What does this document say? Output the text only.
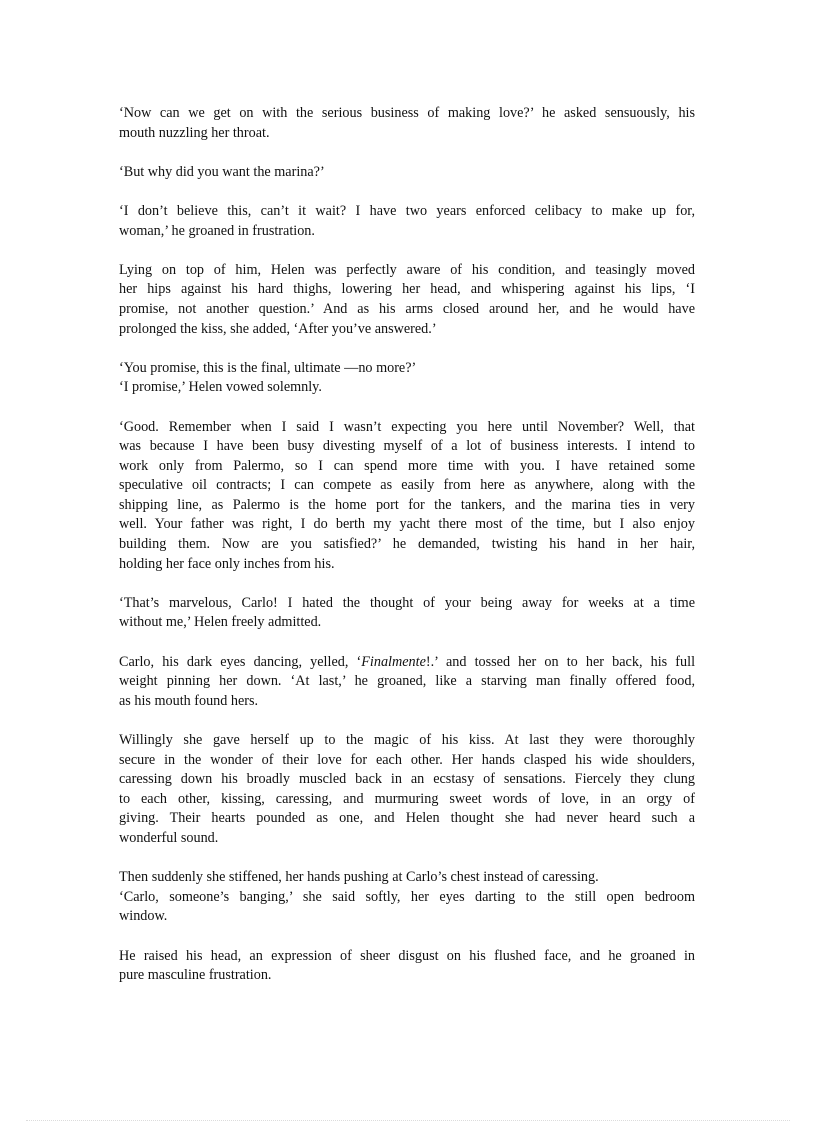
‘Now can we get on with the serious business of making love?’ he asked sensuously, his
mouth nuzzling her throat.

‘But why did you want the marina?’

‘I don’t believe this, can’t it wait? I have two years enforced celibacy to make up for,
woman,’ he groaned in frustration.

Lying on top of him, Helen was perfectly aware of his condition, and teasingly moved
her hips against his hard thighs, lowering her head, and whispering against his lips, ‘I
promise, not another question.’ And as his arms closed around her, and he would have
prolonged the kiss, she added, ‘After you’ve answered.’

‘You promise, this is the final, ultimate —no more?’

‘I promise,’ Helen vowed solemnly.

‘Good. Remember when I said I wasn’t expecting you here until November? Well, that
was because I have been busy divesting myself of a lot of business interests. I intend to
work only from Palermo, so I can spend more time with you. I have retained some
speculative oil contracts; I can compete as easily from here as anywhere, along with the
shipping line, as Palermo is the home port for the tankers, and the marina ties in very
well. Your father was right, I do berth my yacht there most of the time, but I also enjoy
building them. Now are you satisfied?’ he demanded, twisting his hand in her hair,
holding her face only inches from his.

‘That’s marvelous, Carlo! I hated the thought of your being away for weeks at a time
without me,’ Helen freely admitted.

Carlo, his dark eyes dancing, yelled, ‘Finalmente!.’ and tossed her on to her back, his full
weight pinning her down. ‘At last,’ he groaned, like a starving man finally offered food,
as his mouth found hers.

Willingly she gave herself up to the magic of his kiss. At last they were thoroughly
secure in the wonder of their love for each other. Her hands clasped his wide shoulders,
caressing down his broadly muscled back in an ecstasy of sensations. Fiercely they clung
to each other, kissing, caressing, and murmuring sweet words of love, in an orgy of
giving. Their hearts pounded as one, and Helen thought she had never heard such a
wonderful sound.

Then suddenly she stiffened, her hands pushing at Carlo’s chest instead of caressing.

‘Carlo, someone’s banging,’ she said softly, her eyes darting to the still open bedroom
window.

He raised his head, an expression of sheer disgust on his flushed face, and he groaned in
pure masculine frustration.
